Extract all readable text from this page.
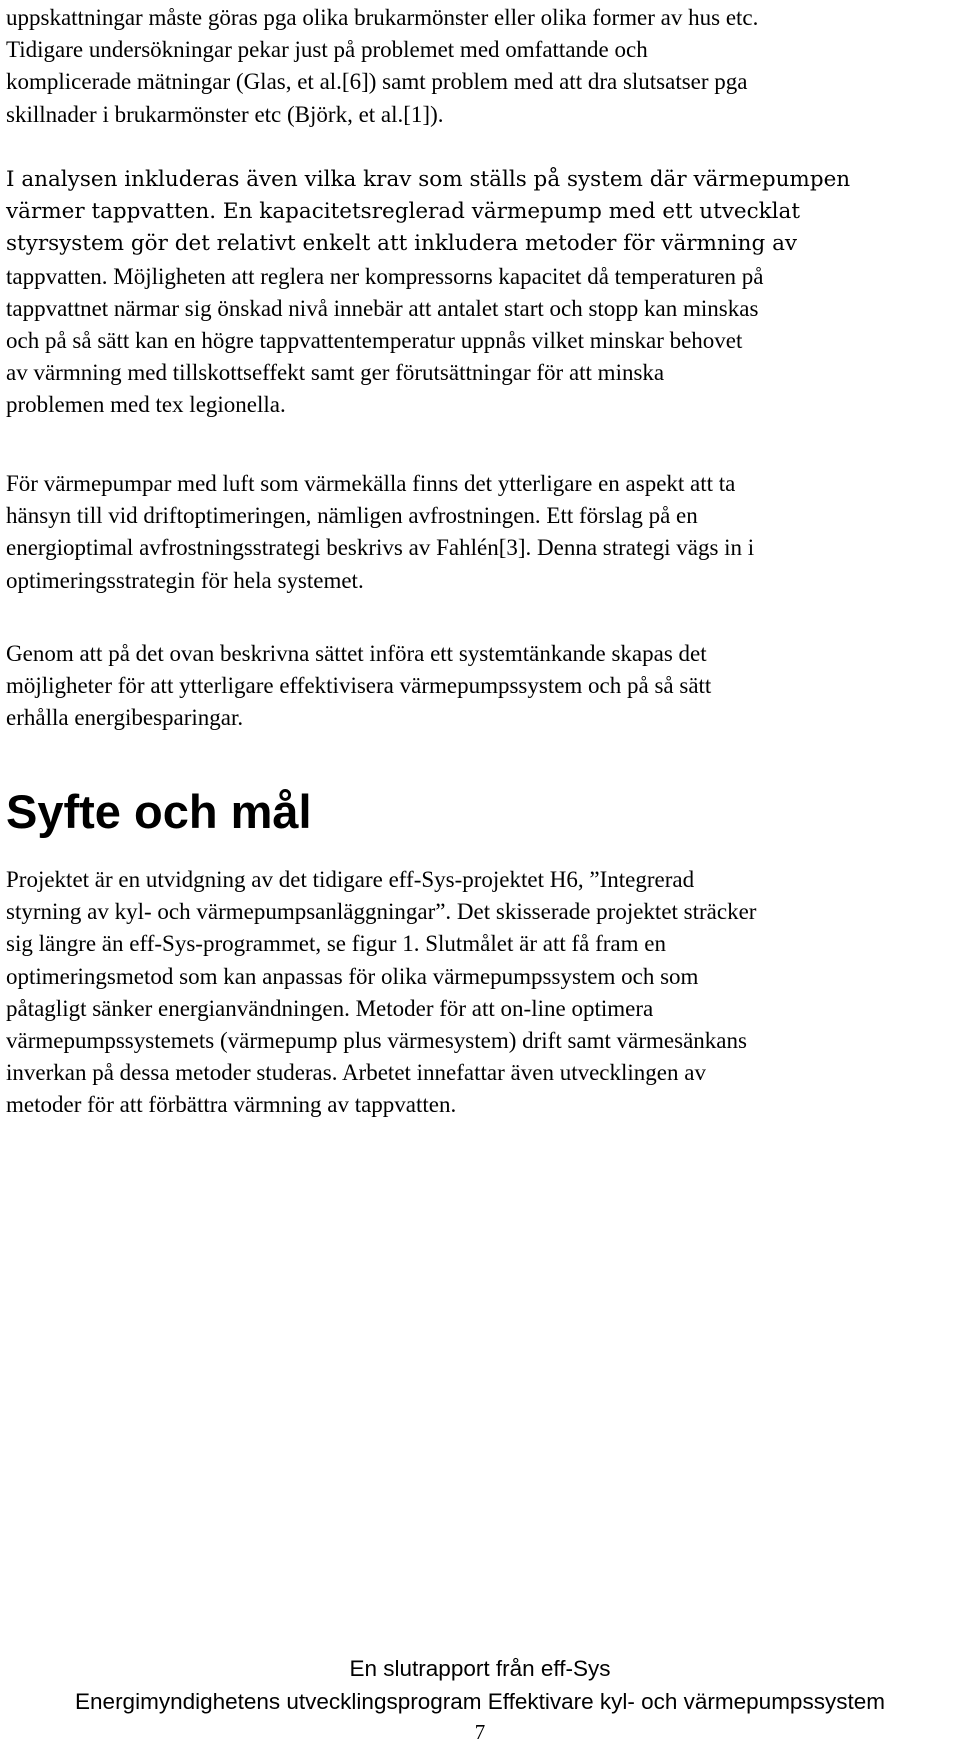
uppskattningar måste göras pga olika brukarmönster eller olika former av hus etc.
Tidigare undersökningar pekar just på problemet med omfattande och
komplicerade mätningar (Glas, et al.[6]) samt problem med att dra slutsatser pga
skillnader i brukarmönster etc (Björk, et al.[1]).

I analysen inkluderas även vilka krav som ställs på system där värmepumpen
värmer tappvatten. En kapacitetsreglerad värmepump med ett utvecklat
styrsystem gör det relativt enkelt att inkludera metoder för värmning av
tappvatten. Möjligheten att reglera ner kompressorns kapacitet då temperaturen på
tappvattnet närmar sig önskad nivå innebär att antalet start och stopp kan minskas
och på så sätt kan en högre tappvattentemperatur uppnås vilket minskar behovet
av värmning med tillskottseffekt samt ger förutsättningar för att minska
problemen med tex legionella.

För värmepumpar med luft som värmekälla finns det ytterligare en aspekt att ta
hänsyn till vid driftoptimeringen, nämligen avfrostningen. Ett förslag på en
energioptimal avfrostningsstrategi beskrivs av Fahlén[3]. Denna strategi vägs in i
optimeringsstrategin för hela systemet.

Genom att på det ovan beskrivna sättet införa ett systemtänkande skapas det
möjligheter för att ytterligare effektivisera värmepumpssystem och på så sätt
erhålla energibesparingar.

Syfte och mål

Projektet är en utvidgning av det tidigare eff-Sys-projektet H6, ”Integrerad
styrning av kyl- och värmepumpsanläggningar”. Det skisserade projektet sträcker
sig längre än eff-Sys-programmet, se figur 1. Slutmålet är att få fram en
optimeringsmetod som kan anpassas för olika värmepumpssystem och som
påtagligt sänker energianvändningen. Metoder för att on-line optimera
värmepumpssystemets (värmepump plus värmesystem) drift samt värmesänkans
inverkan på dessa metoder studeras. Arbetet innefattar även utvecklingen av
metoder för att förbättra värmning av tappvatten.

En slutrapport från eff-Sys
Energimyndighetens utvecklingsprogram Effektivare kyl- och värmepumpssystem
7
